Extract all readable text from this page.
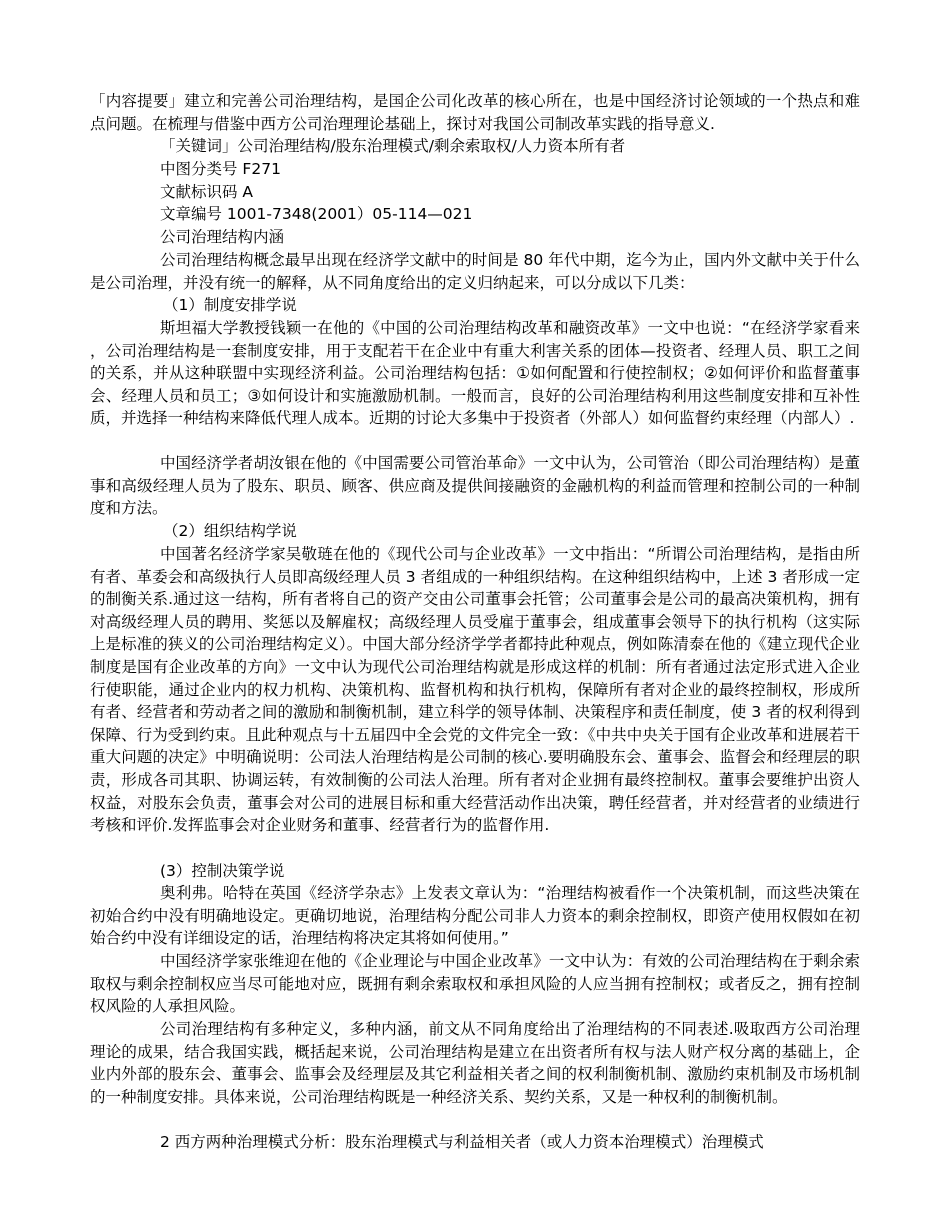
「内容提要」建立和完善公司治理结构，是国企公司化改革的核心所在，也是中国经济讨论领域的一个热点和难点问题。在梳理与借鉴中西方公司治理理论基础上，探讨对我国公司制改革实践的指导意义.

「关键词」公司治理结构/股东治理模式/剩余索取权/人力资本所有者

中图分类号 F271

文献标识码 A

文章编号 1001-7348(2001）05-114—021

公司治理结构内涵

公司治理结构概念最早出现在经济学文献中的时间是 80 年代中期，迄今为止，国内外文献中关于什么是公司治理，并没有统一的解释，从不同角度给出的定义归纳起来，可以分成以下几类：

（1）制度安排学说

斯坦福大学教授钱颖一在他的《中国的公司治理结构改革和融资改革》一文中也说：“在经济学家看来，公司治理结构是一套制度安排，用于支配若干在企业中有重大利害关系的团体—投资者、经理人员、职工之间的关系，并从这种联盟中实现经济利益。公司治理结构包括：①如何配置和行使控制权；②如何评价和监督董事会、经理人员和员工；③如何设计和实施激励机制。一般而言，良好的公司治理结构利用这些制度安排和互补性质，并选择一种结构来降低代理人成本。近期的讨论大多集中于投资者（外部人）如何监督约束经理（内部人）.

中国经济学者胡汝银在他的《中国需要公司管治革命》一文中认为，公司管治（即公司治理结构）是董事和高级经理人员为了股东、职员、顾客、供应商及提供间接融资的金融机构的利益而管理和控制公司的一种制度和方法。

（2）组织结构学说

中国著名经济学家吴敬琏在他的《现代公司与企业改革》一文中指出：“所谓公司治理结构，是指由所有者、革委会和高级执行人员即高级经理人员 3 者组成的一种组织结构。在这种组织结构中，上述 3 者形成一定的制衡关系.通过这一结构，所有者将自己的资产交由公司董事会托管；公司董事会是公司的最高决策机构，拥有对高级经理人员的聘用、奖惩以及解雇权；高级经理人员受雇于董事会，组成董事会领导下的执行机构（这实际上是标准的狭义的公司治理结构定义）。中国大部分经济学学者都持此种观点，例如陈清泰在他的《建立现代企业制度是国有企业改革的方向》一文中认为现代公司治理结构就是形成这样的机制：所有者通过法定形式进入企业行使职能，通过企业内的权力机构、决策机构、监督机构和执行机构，保障所有者对企业的最终控制权，形成所有者、经营者和劳动者之间的激励和制衡机制，建立科学的领导体制、决策程序和责任制度，使 3 者的权利得到保障、行为受到约束。且此种观点与十五届四中全会党的文件完全一致：《中共中央关于国有企业改革和进展若干重大问题的决定》中明确说明：公司法人治理结构是公司制的核心.要明确股东会、董事会、监督会和经理层的职责，形成各司其职、协调运转，有效制衡的公司法人治理。所有者对企业拥有最终控制权。董事会要维护出资人权益，对股东会负责，董事会对公司的进展目标和重大经营活动作出决策，聘任经营者，并对经营者的业绩进行考核和评价.发挥监事会对企业财务和董事、经营者行为的监督作用.

(3）控制决策学说

奥利弗。哈特在英国《经济学杂志》上发表文章认为：“治理结构被看作一个决策机制，而这些决策在初始合约中没有明确地设定。更确切地说，治理结构分配公司非人力资本的剩余控制权，即资产使用权假如在初始合约中没有详细设定的话，治理结构将决定其将如何使用。”

中国经济学家张维迎在他的《企业理论与中国企业改革》一文中认为：有效的公司治理结构在于剩余索取权与剩余控制权应当尽可能地对应，既拥有剩余索取权和承担风险的人应当拥有控制权；或者反之，拥有控制权风险的人承担风险。

公司治理结构有多种定义，多种内涵，前文从不同角度给出了治理结构的不同表述.吸取西方公司治理理论的成果，结合我国实践，概括起来说，公司治理结构是建立在出资者所有权与法人财产权分离的基础上，企业内外部的股东会、董事会、监事会及经理层及其它利益相关者之间的权利制衡机制、激励约束机制及市场机制的一种制度安排。具体来说，公司治理结构既是一种经济关系、契约关系，又是一种权利的制衡机制。

2 西方两种治理模式分析：股东治理模式与利益相关者（或人力资本治理模式）治理模式
